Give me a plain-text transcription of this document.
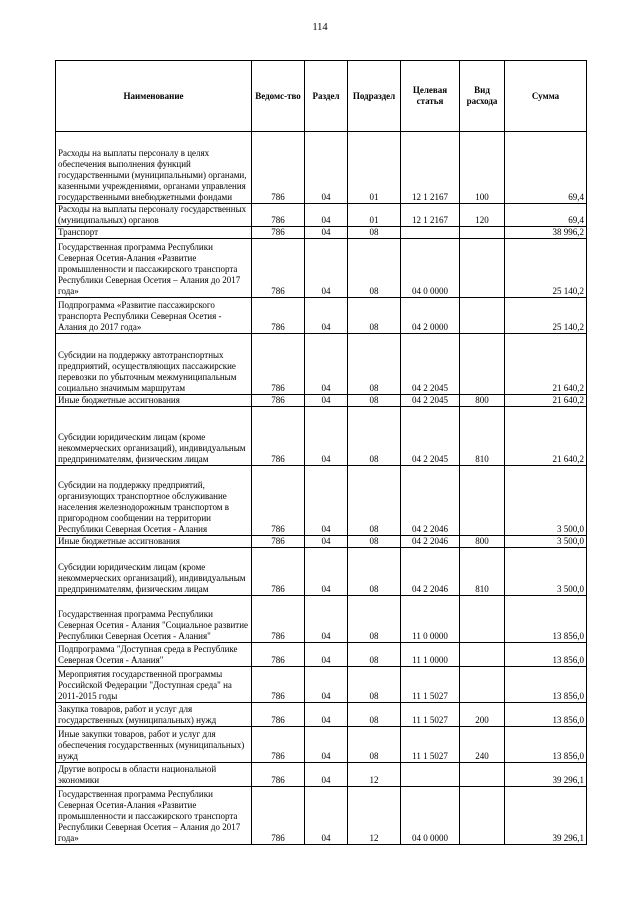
114
Наименование	Ведомс-тво	Раздел	Подраздел	Целевая статья	Вид расхода	Сумма
Расходы на выплаты персоналу в целях обеспечения выполнения функций государственными (муниципальными) органами, казенными учреждениями, органами управления государственными внебюджетными фондами	786	04	01	12 1 2167	100	69,4
Расходы на выплаты персоналу государственных (муниципальных) органов	786	04	01	12 1 2167	120	69,4
Транспорт	786	04	08			38 996,2
Государственная программа Республики Северная Осетия-Алания «Развитие промышленности и пассажирского транспорта Республики Северная Осетия – Алания до 2017 года»	786	04	08	04 0 0000		25 140,2
Подпрограмма «Развитие пассажирского транспорта Республики Северная Осетия - Алания до 2017 года»	786	04	08	04 2 0000		25 140,2
Субсидии на поддержку автотранспортных предприятий, осуществляющих пассажирские перевозки по убыточным межмуниципальным социально значимым маршрутам	786	04	08	04 2 2045		21 640,2
Иные бюджетные ассигнования	786	04	08	04 2 2045	800	21 640,2
Субсидии юридическим лицам (кроме некоммерческих организаций), индивидуальным предпринимателям, физическим лицам	786	04	08	04 2 2045	810	21 640,2
Субсидии на поддержку предприятий, организующих транспортное обслуживание населения железнодорожным транспортом в пригородном сообщении на территории Республики Северная Осетия - Алания	786	04	08	04 2 2046		3 500,0
Иные бюджетные ассигнования	786	04	08	04 2 2046	800	3 500,0
Субсидии юридическим лицам (кроме некоммерческих организаций), индивидуальным предпринимателям, физическим лицам	786	04	08	04 2 2046	810	3 500,0
Государственная программа Республики Северная Осетия - Алания "Социальное развитие Республики Северная Осетия - Алания"	786	04	08	11 0 0000		13 856,0
Подпрограмма "Доступная среда в Республике Северная Осетия - Алания"	786	04	08	11 1 0000		13 856,0
Мероприятия государственной программы Российской Федерации "Доступная среда" на 2011-2015 годы	786	04	08	11 1 5027		13 856,0
Закупка товаров, работ и услуг для государственных (муниципальных) нужд	786	04	08	11 1 5027	200	13 856,0
Иные закупки товаров, работ и услуг для обеспечения государственных (муниципальных) нужд	786	04	08	11 1 5027	240	13 856,0
Другие вопросы в области национальной экономики	786	04	12			39 296,1
Государственная программа Республики Северная Осетия-Алания «Развитие промышленности и пассажирского транспорта Республики Северная Осетия – Алания до 2017 года»	786	04	12	04 0 0000		39 296,1
